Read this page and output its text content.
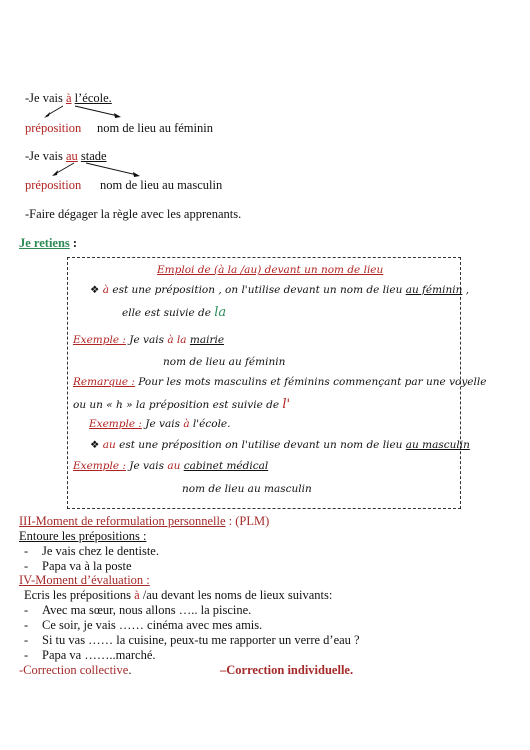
-Je vais à l’école.
préposition nom de lieu au féminin
-Je vais au stade
préposition nom de lieu au masculin
-Faire dégager la règle avec les apprenants.
Je retiens :
Emploi de (à la /au) devant un nom de lieu
❖ à est une préposition , on l'utilise devant un nom de lieu au féminin ,
elle est suivie de la
Exemple : Je vais à la mairie
nom de lieu au féminin
Remarque : Pour les mots masculins et féminins commençant par une voyelle
ou un « h » la préposition est suivie de l'
Exemple : Je vais à l'école.
❖ au est une préposition on l'utilise devant un nom de lieu au masculin
Exemple : Je vais au cabinet médical
nom de lieu au masculin
III-Moment de reformulation personnelle : (PLM)
Entoure les prépositions :
- Je vais chez le dentiste.
- Papa va à la poste
IV-Moment d’évaluation :
Ecris les prépositions à /au devant les noms de lieux suivants:
- Avec ma sœur, nous allons ….. la piscine.
- Ce soir, je vais …… cinéma avec mes amis.
- Si tu vas …… la cuisine, peux-tu me rapporter un verre d’eau ?
- Papa va ……..marché.
-Correction collective.	–Correction individuelle.
